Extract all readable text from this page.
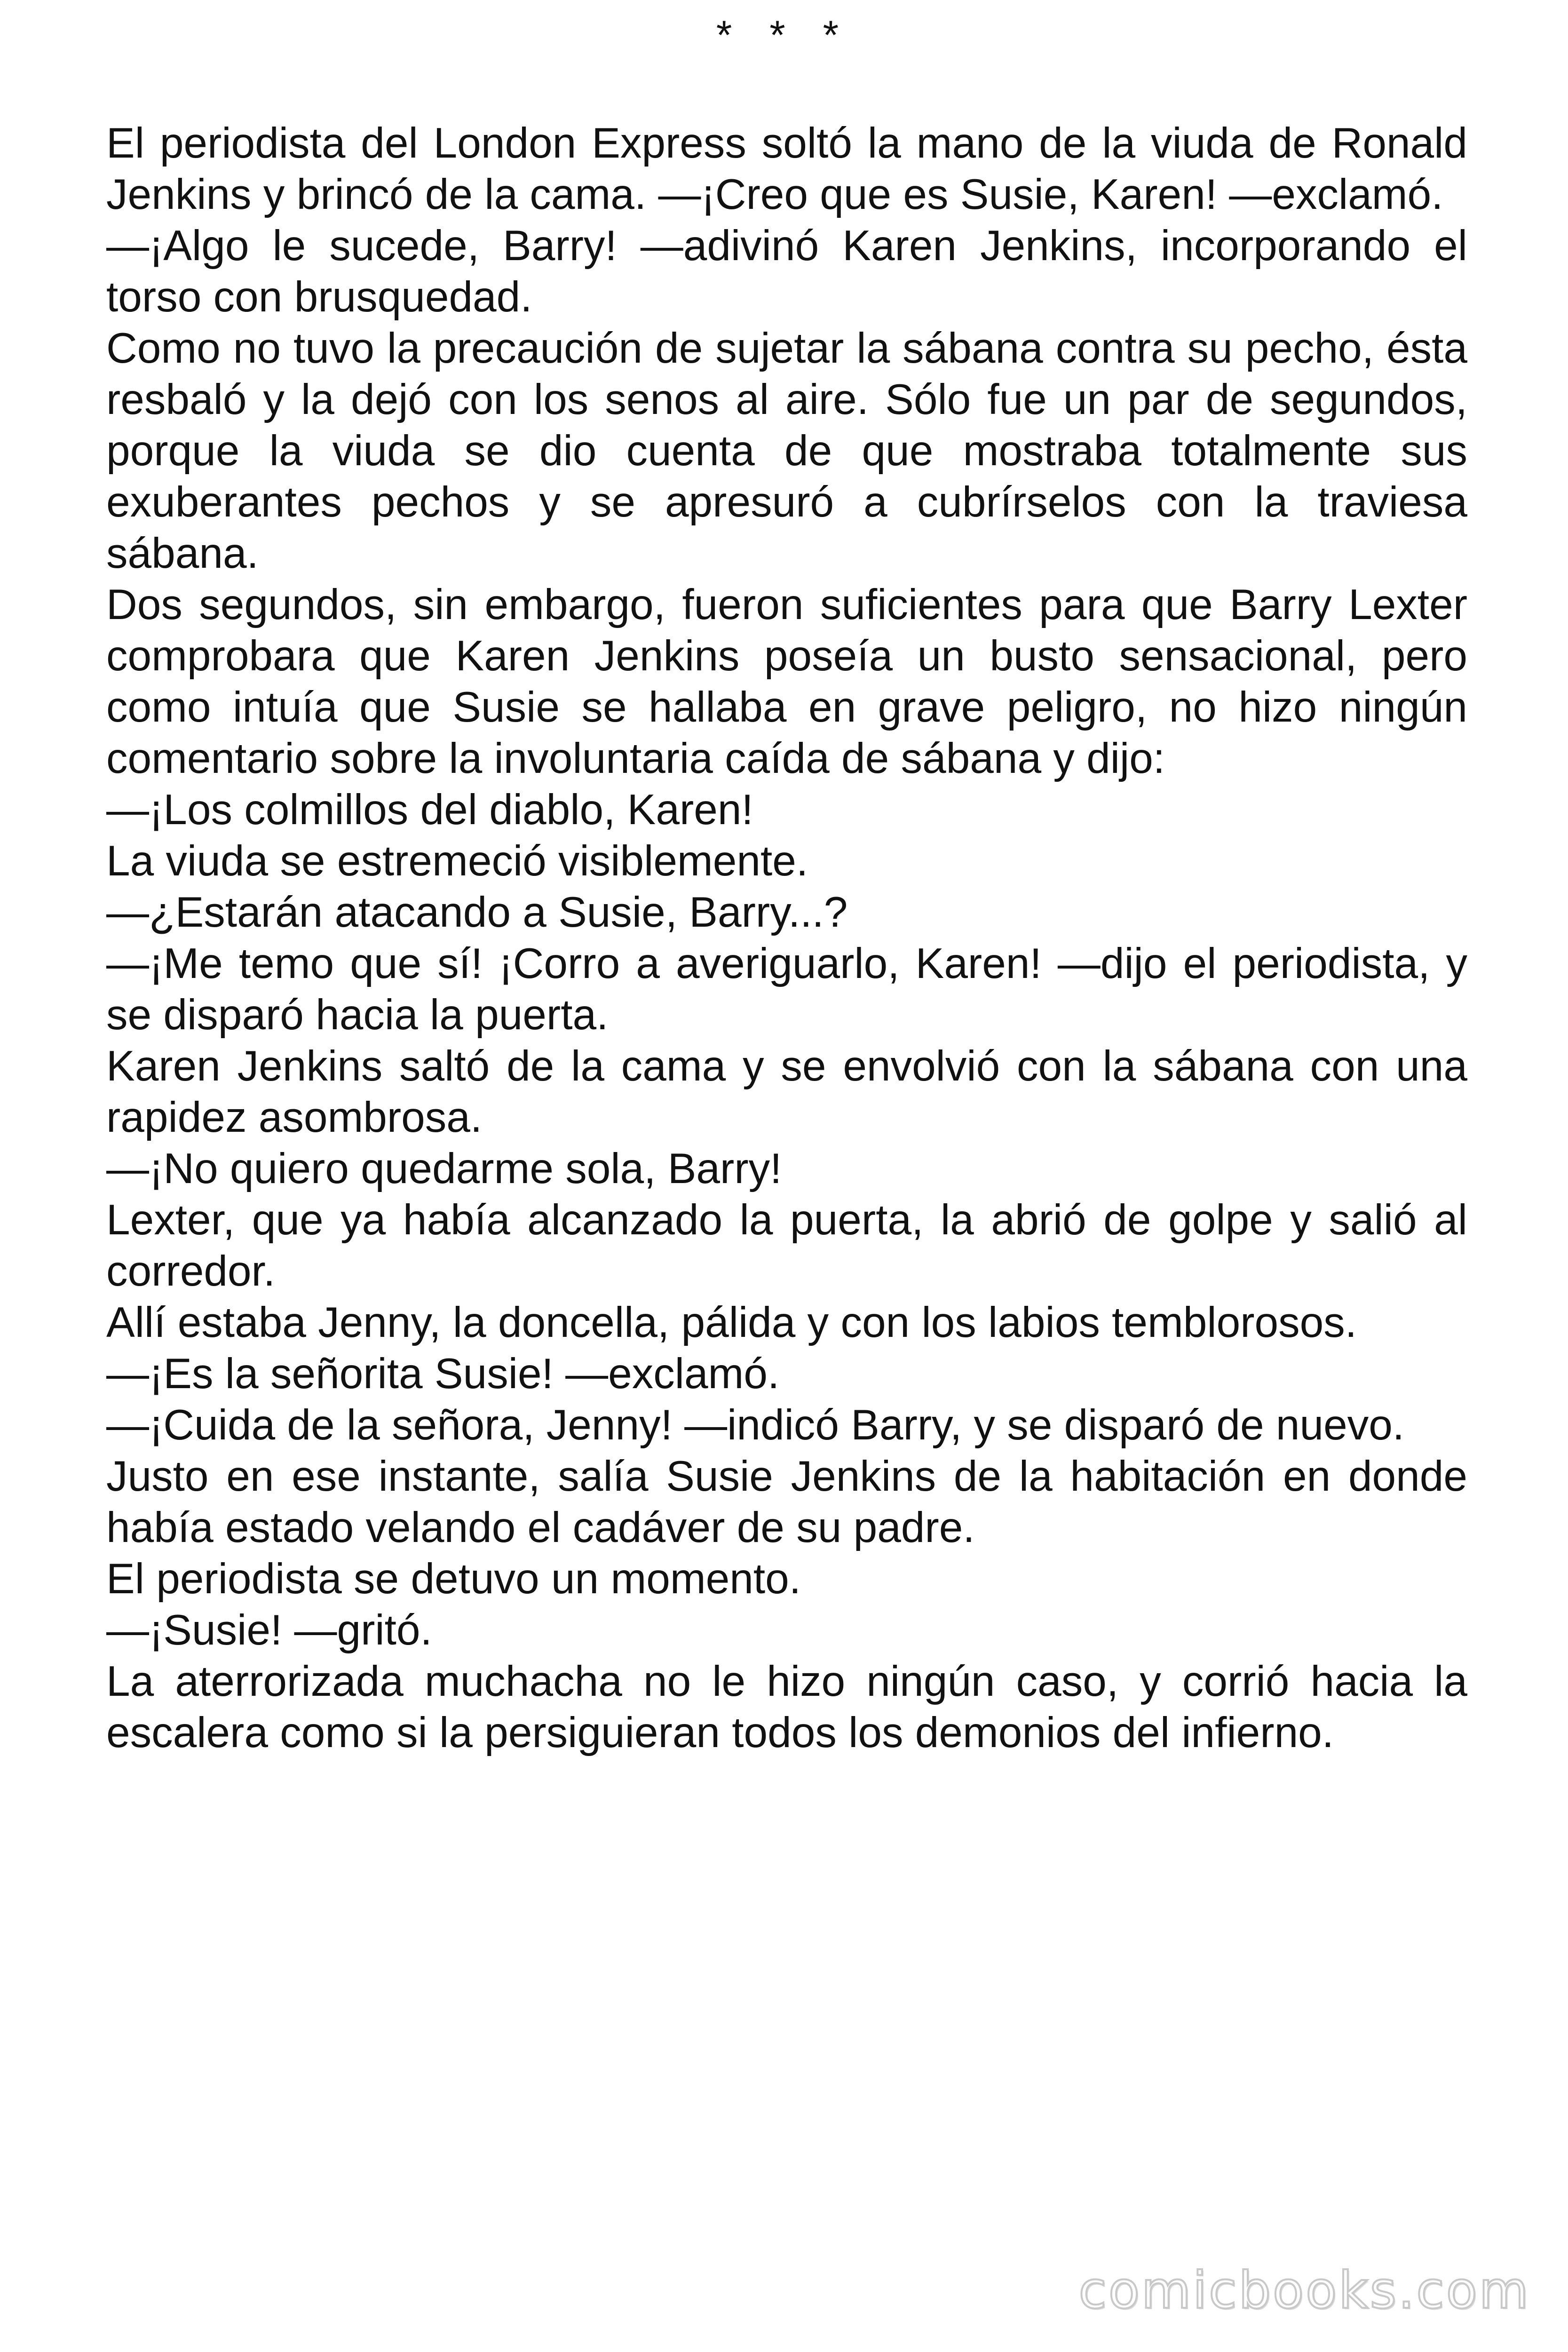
* * *

El periodista del London Express soltó la mano de la viuda de Ronald Jenkins y brincó de la cama. —¡Creo que es Susie, Karen! —exclamó.

—¡Algo le sucede, Barry! —adivinó Karen Jenkins, incorporando el torso con brusquedad.

Como no tuvo la precaución de sujetar la sábana contra su pecho, ésta resbaló y la dejó con los senos al aire. Sólo fue un par de segundos, porque la viuda se dio cuenta de que mostraba totalmente sus exuberantes pechos y se apresuró a cubrírselos con la traviesa sábana.

Dos segundos, sin embargo, fueron suficientes para que Barry Lexter comprobara que Karen Jenkins poseía un busto sensacional, pero como intuía que Susie se hallaba en grave peligro, no hizo ningún comentario sobre la involuntaria caída de sábana y dijo:

—¡Los colmillos del diablo, Karen!

La viuda se estremeció visiblemente.

—¿Estarán atacando a Susie, Barry...?

—¡Me temo que sí! ¡Corro a averiguarlo, Karen! —dijo el periodista, y se disparó hacia la puerta.

Karen Jenkins saltó de la cama y se envolvió con la sábana con una rapidez asombrosa.

—¡No quiero quedarme sola, Barry!

Lexter, que ya había alcanzado la puerta, la abrió de golpe y salió al corredor.

Allí estaba Jenny, la doncella, pálida y con los labios temblorosos.

—¡Es la señorita Susie! —exclamó.

—¡Cuida de la señora, Jenny! —indicó Barry, y se disparó de nuevo.

Justo en ese instante, salía Susie Jenkins de la habitación en donde había estado velando el cadáver de su padre.

El periodista se detuvo un momento.

—¡Susie! —gritó.

La aterrorizada muchacha no le hizo ningún caso, y corrió hacia la escalera como si la persiguieran todos los demonios del infierno.

comicbooks.com
